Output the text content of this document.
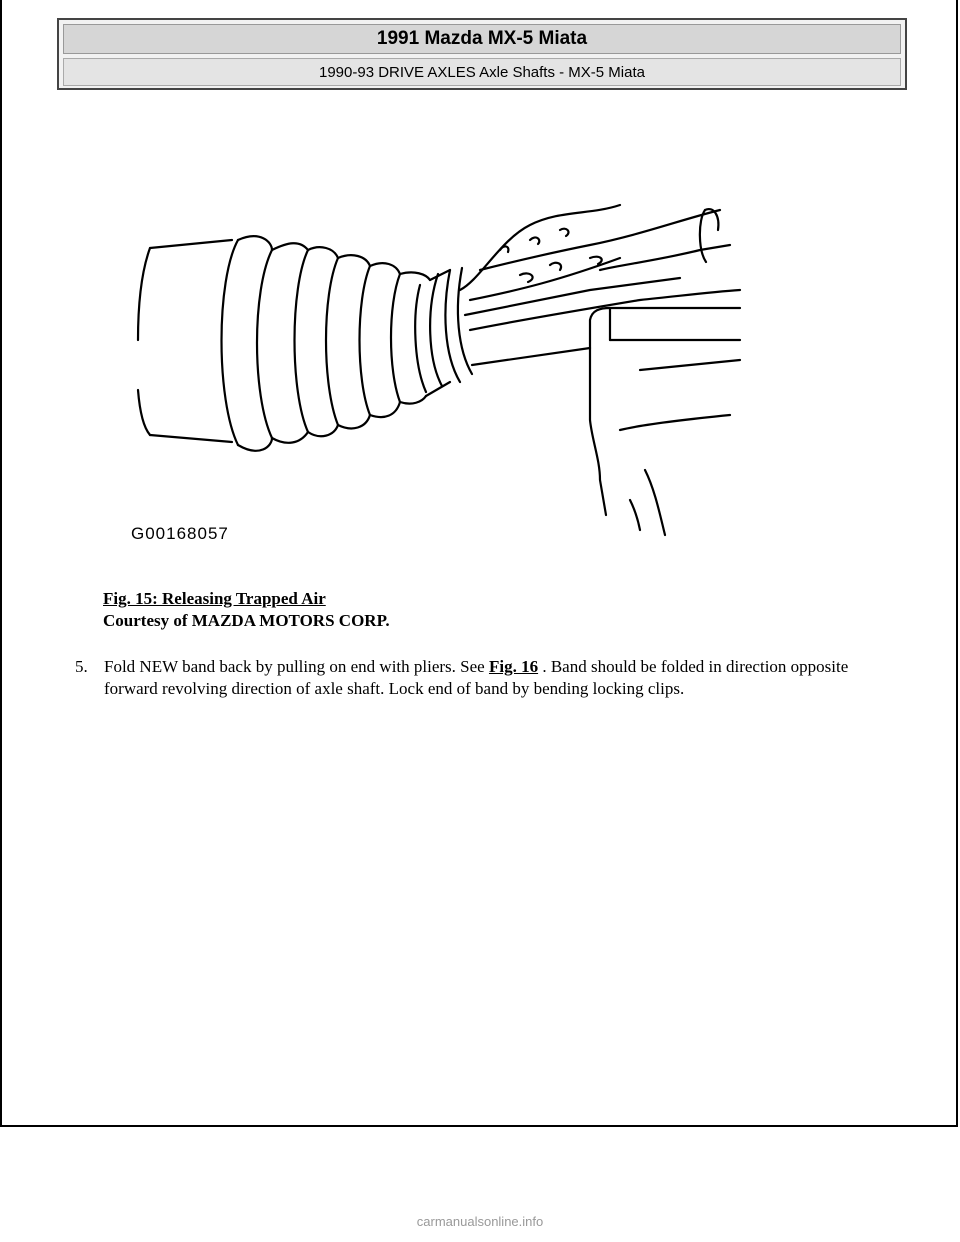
1991 Mazda MX-5 Miata
1990-93 DRIVE AXLES Axle Shafts - MX-5 Miata
G00168057
Fig. 15: Releasing Trapped Air
Courtesy of MAZDA MOTORS CORP.
5. Fold NEW band back by pulling on end with pliers. See Fig. 16 . Band should be folded in direction opposite forward revolving direction of axle shaft. Lock end of band by bending locking clips.
carmanualsonline.info
